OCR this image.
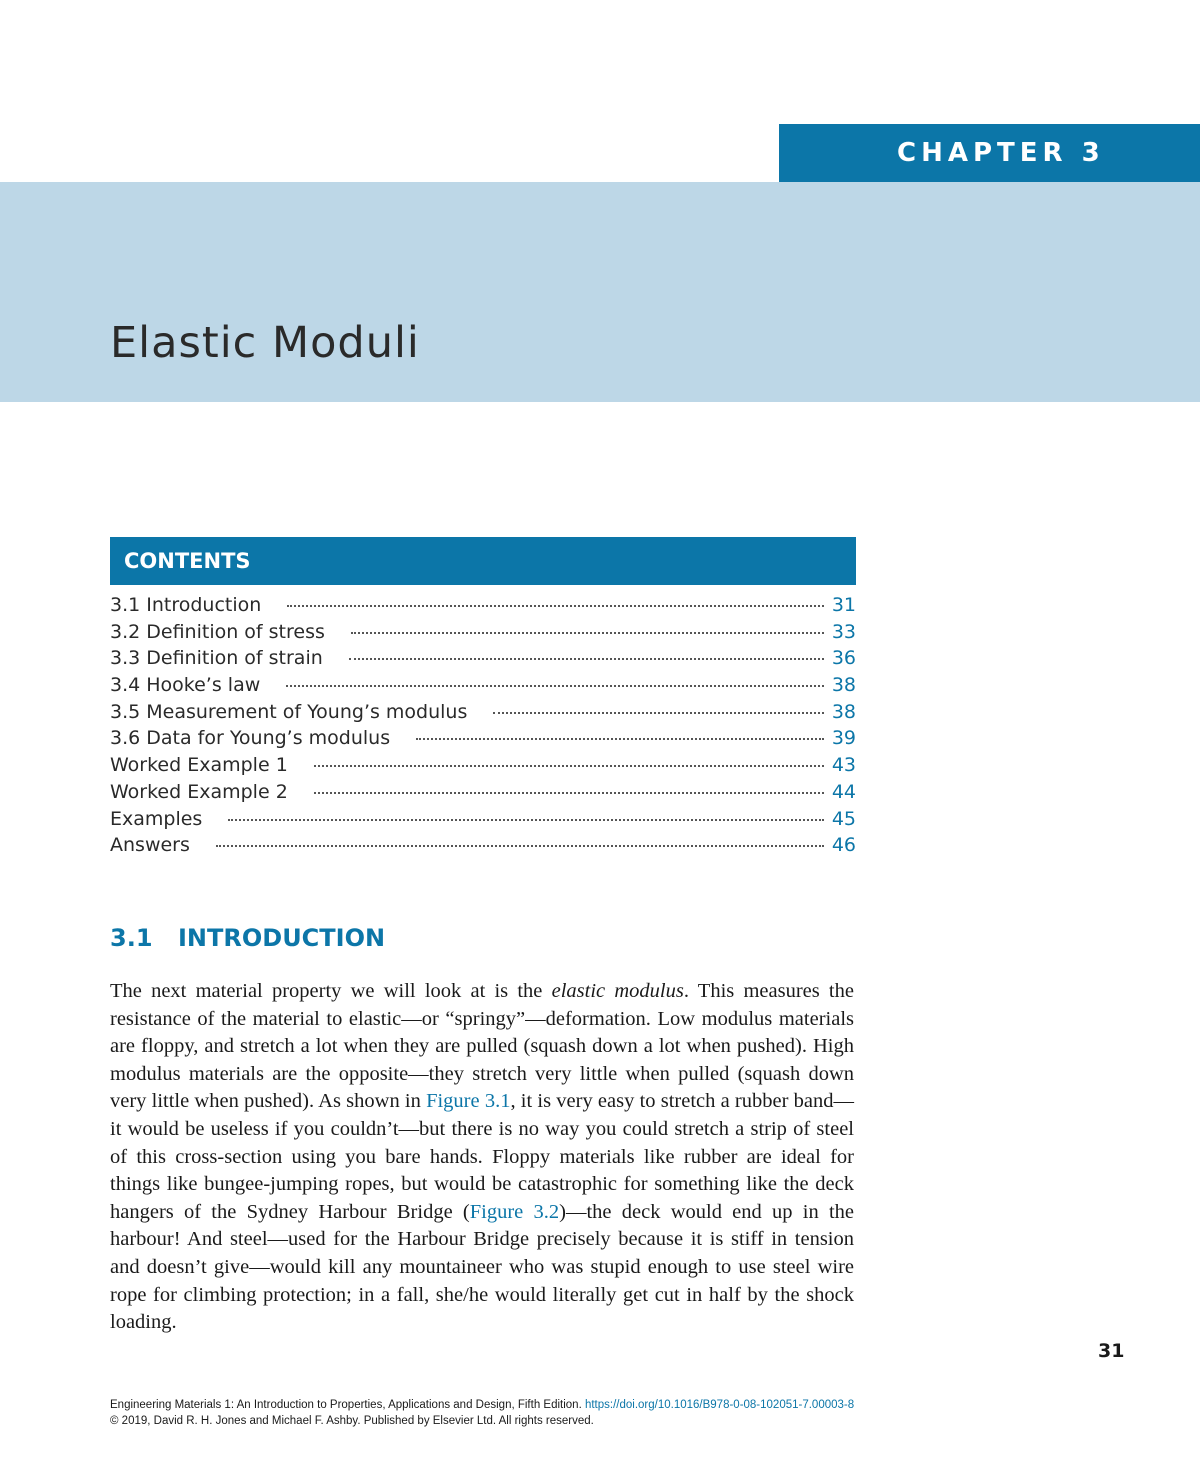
CHAPTER 3
Elastic Moduli
CONTENTS
3.1 Introduction	31
3.2 Definition of stress	33
3.3 Definition of strain	36
3.4 Hooke’s law	38
3.5 Measurement of Young’s modulus	38
3.6 Data for Young’s modulus	39
Worked Example 1	43
Worked Example 2	44
Examples	45
Answers	46
3.1	INTRODUCTION

The next material property we will look at is the elastic modulus. This measures the resistance of the material to elastic—or “springy”—deformation. Low modulus materials are floppy, and stretch a lot when they are pulled (squash down a lot when pushed). High modulus materials are the opposite—they stretch very little when pulled (squash down very little when pushed). As shown in Figure 3.1, it is very easy to stretch a rubber band—it would be useless if you couldn’t—but there is no way you could stretch a strip of steel of this cross-section using you bare hands. Floppy materials like rubber are ideal for things like bungee-jumping ropes, but would be catastrophic for something like the deck hangers of the Sydney Harbour Bridge (Figure 3.2)—the deck would end up in the harbour! And steel—used for the Harbour Bridge precisely because it is stiff in tension and doesn’t give—would kill any mountaineer who was stupid enough to use steel wire rope for climbing protection; in a fall, she/he would literally get cut in half by the shock loading.

31
Engineering Materials 1: An Introduction to Properties, Applications and Design, Fifth Edition. https://doi.org/10.1016/B978-0-08-102051-7.00003-8
© 2019, David R. H. Jones and Michael F. Ashby. Published by Elsevier Ltd. All rights reserved.
